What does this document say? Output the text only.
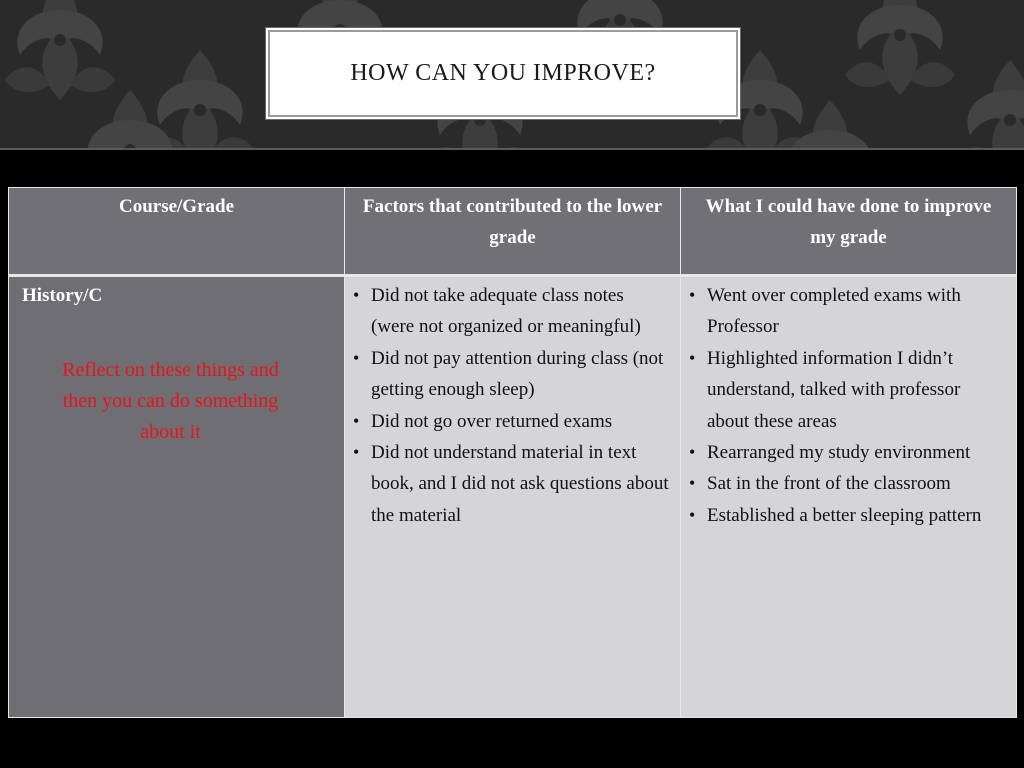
HOW CAN YOU IMPROVE?
Course/Grade	Factors that contributed to the lower grade
What I could have done to improve my grade
History/C
Reflect on these things and then you can do something about it
• Did not take adequate class notes (were not organized or meaningful)
• Did not pay attention during class (not getting enough sleep)
• Did not go over returned exams
• Did not understand material in text book, and I did not ask questions about the material
• Went over completed exams with Professor
• Highlighted information I didn’t understand, talked with professor about these areas
• Rearranged my study environment
• Sat in the front of the classroom
• Established a better sleeping pattern
